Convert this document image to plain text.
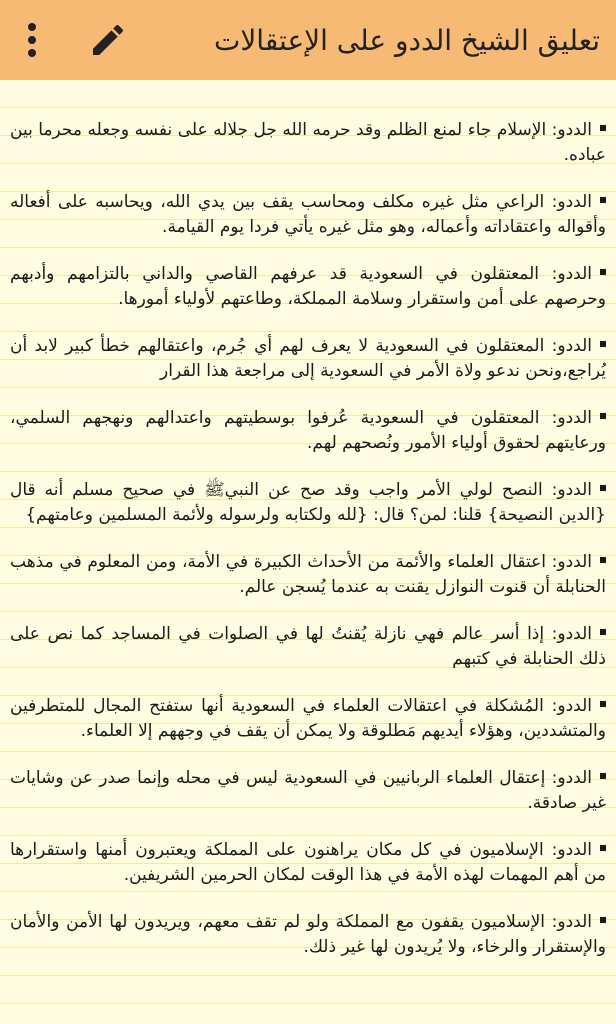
تعليق الشيخ الددو على الإعتقالات
الددو: الإسلام جاء لمنع الظلم وقد حرمه الله جل جلاله على نفسه وجعله محرما بين عباده.
الددو: الراعي مثل غيره مكلف ومحاسب يقف بين يدي الله، ويحاسبه على أفعاله وأقواله واعتقاداته وأعماله، وهو مثل غيره يأتي فردا يوم القيامة.
الددو: المعتقلون في السعودية قد عرفهم القاصي والداني بالتزامهم وأدبهم وحرصهم على أمن واستقرار وسلامة المملكة، وطاعتهم لأولياء أمورها.
الددو: المعتقلون في السعودية لا يعرف لهم أي جُرم، واعتقالهم خطأ كبير لابد أن يُراجع،ونحن ندعو ولاة الأمر في السعودية إلى مراجعة هذا القرار
الددو: المعتقلون في السعودية عُرفوا بوسطيتهم واعتدالهم ونهجهم السلمي، ورعايتهم لحقوق أولياء الأمور ونُصحهم لهم.
الددو: النصح لولي الأمر واجب وقد صح عن النبيﷺ في صحيح مسلم أنه قال {الدين النصيحة} قلنا: لمن؟ قال: {لله ولكتابه ولرسوله ولأئمة المسلمين وعامتهم}
الددو: اعتقال العلماء والأئمة من الأحداث الكبيرة في الأمة، ومن المعلوم في مذهب الحنابلة أن قنوت النوازل يقنت به عندما يُسجن عالم.
الددو: إذا أسر عالم فهي نازلة يُقنتُ لها في الصلوات في المساجد كما نص على ذلك الحنابلة في كتبهم
الددو: المُشكلة في اعتقالات العلماء في السعودية أنها ستفتح المجال للمتطرفين والمتشددين، وهؤلاء أيديهم مَطلوقة ولا يمكن أن يقف في وجههم إلا العلماء.
الددو: إعتقال العلماء الربانيين في السعودية ليس في محله وإنما صدر عن وشايات غير صادقة.
الددو: الإسلاميون في كل مكان يراهنون على المملكة ويعتبرون أمنها واستقرارها من أهم المهمات لهذه الأمة في هذا الوقت لمكان الحرمين الشريفين.
الددو: الإسلاميون يقفون مع المملكة ولو لم تقف معهم، ويريدون لها الأمن والأمان والإستقرار والرخاء، ولا يُريدون لها غير ذلك.
